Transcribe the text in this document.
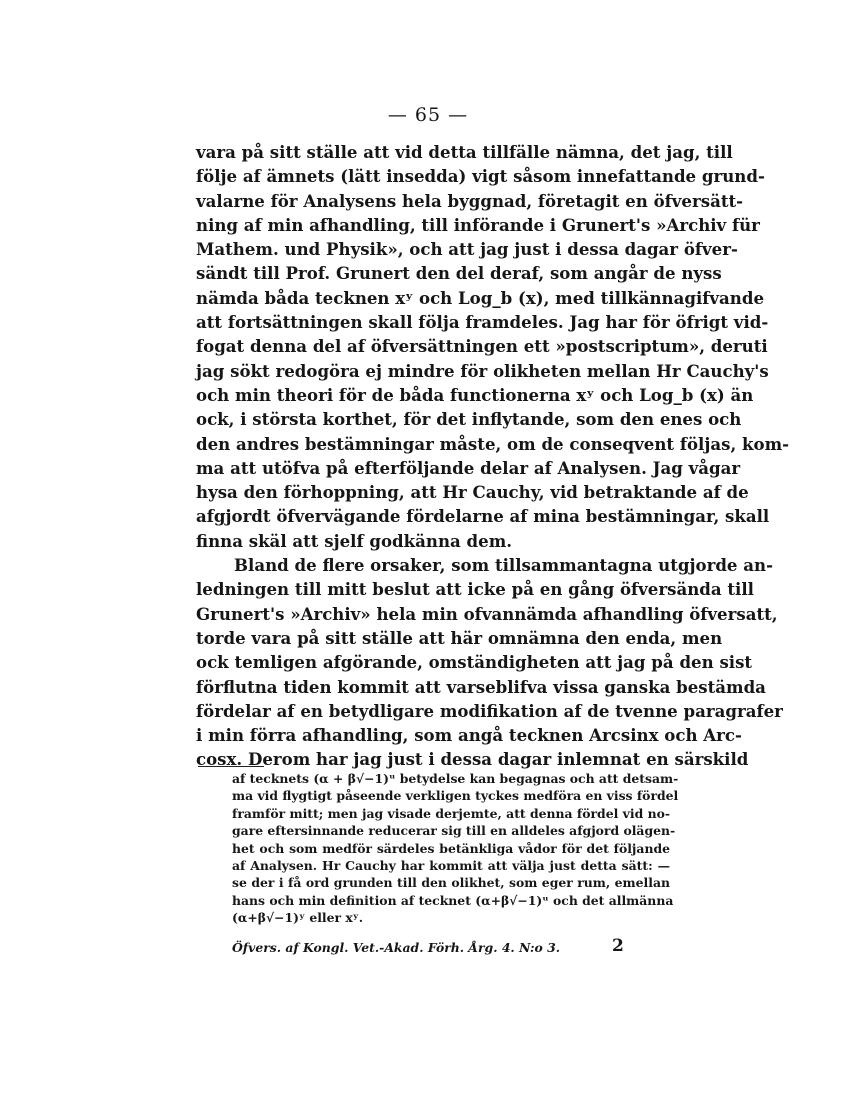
— 65 —
vara på sitt ställe att vid detta tillfälle nämna, det jag, till
följe af ämnets (lätt insedda) vigt såsom innefattande grund-
valarne för Analysens hela byggnad, företagit en öfversätt-
ning af min afhandling, till införande i Grunert's »Archiv für
Mathem. und Physik», och att jag just i dessa dagar öfver-
sändt till Prof. Grunert den del deraf, som angår de nyss
nämda båda tecknen xʸ och Log_b (x), med tillkännagifvande
att fortsättningen skall följa framdeles. Jag har för öfrigt vid-
fogat denna del af öfversättningen ett »postscriptum», deruti
jag sökt redogöra ej mindre för olikheten mellan Hr Cauchy's
och min theori för de båda functionerna xʸ och Log_b (x) än
ock, i största korthet, för det inflytande, som den enes och
den andres bestämningar måste, om de conseqvent följas, kom-
ma att utöfva på efterföljande delar af Analysen. Jag vågar
hysa den förhoppning, att Hr Cauchy, vid betraktande af de
afgjordt öfvervägande fördelarne af mina bestämningar, skall
finna skäl att sjelf godkänna dem.
Bland de flere orsaker, som tillsammantagna utgjorde an-
ledningen till mitt beslut att icke på en gång öfversända till
Grunert's »Archiv» hela min ofvannämda afhandling öfversatt,
torde vara på sitt ställe att här omnämna den enda, men
ock temligen afgörande, omständigheten att jag på den sist
förflutna tiden kommit att varseblifva vissa ganska bestämda
fördelar af en betydligare modifikation af de tvenne paragrafer
i min förra afhandling, som angå tecknen Arcsinx och Arc-
cosx. Derom har jag just i dessa dagar inlemnat en särskild
af tecknets (α + β√−1)ᵘ betydelse kan begagnas och att detsam-
ma vid flygtigt påseende verkligen tyckes medföra en viss fördel
framför mitt; men jag visade derjemte, att denna fördel vid no-
gare eftersinnande reducerar sig till en alldeles afgjord olägen-
het och som medför särdeles betänkliga vådor för det följande
af Analysen. Hr Cauchy har kommit att välja just detta sätt: —
se der i få ord grunden till den olikhet, som eger rum, emellan
hans och min definition af tecknet (α+β√−1)ᵘ och det allmänna
(α+β√−1)ʸ eller xʸ.
Öfvers. af Kongl. Vet.-Akad. Förh. Årg. 4. N:o 3.	2
